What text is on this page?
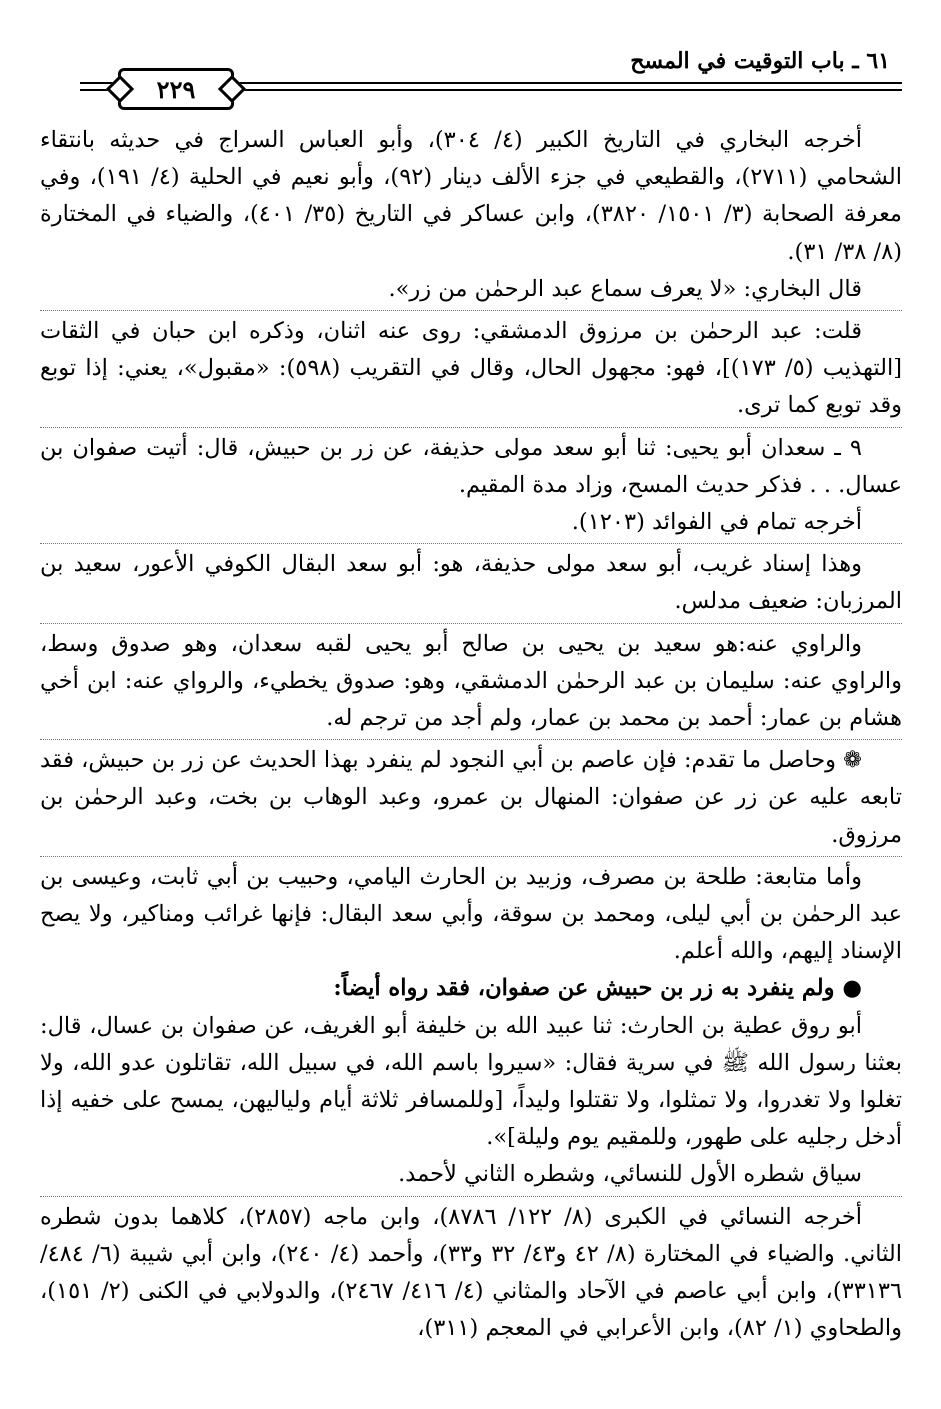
٦١ ـ باب التوقيت في المسح
٢٢٩

أخرجه البخاري في التاريخ الكبير (٤/ ٣٠٤)، وأبو العباس السراج في حديثه بانتقاء الشحامي (٢٧١١)، والقطيعي في جزء الألف دينار (٩٢)، وأبو نعيم في الحلية (٤/ ١٩١)، وفي معرفة الصحابة (٣/ ١٥٠١/ ٣٨٢٠)، وابن عساكر في التاريخ (٣٥/ ٤٠١)، والضياء في المختارة (٨/ ٣٨/ ٣١).

قال البخاري: «لا يعرف سماع عبد الرحمٰن من زر».

قلت: عبد الرحمٰن بن مرزوق الدمشقي: روى عنه اثنان، وذكره ابن حبان في الثقات [التهذيب (٥/ ١٧٣)]، فهو: مجهول الحال، وقال في التقريب (٥٩٨): «مقبول»، يعني: إذا توبع وقد توبع كما ترى.

٩ ـ سعدان أبو يحيى: ثنا أبو سعد مولى حذيفة، عن زر بن حبيش، قال: أتيت صفوان بن عسال. . . فذكر حديث المسح، وزاد مدة المقيم.

أخرجه تمام في الفوائد (١٢٠٣).

وهذا إسناد غريب، أبو سعد مولى حذيفة، هو: أبو سعد البقال الكوفي الأعور، سعيد بن المرزبان: ضعيف مدلس.

والراوي عنه:هو سعيد بن يحيى بن صالح أبو يحيى لقبه سعدان، وهو صدوق وسط، والراوي عنه: سليمان بن عبد الرحمٰن الدمشقي، وهو: صدوق يخطيء، والرواي عنه: ابن أخي هشام بن عمار: أحمد بن محمد بن عمار، ولم أجد من ترجم له.

❁ وحاصل ما تقدم: فإن عاصم بن أبي النجود لم ينفرد بهذا الحديث عن زر بن حبيش، فقد تابعه عليه عن زر عن صفوان: المنهال بن عمرو، وعبد الوهاب بن بخت، وعبد الرحمٰن بن مرزوق.

وأما متابعة: طلحة بن مصرف، وزبيد بن الحارث اليامي، وحبيب بن أبي ثابت، وعيسى بن عبد الرحمٰن بن أبي ليلى، ومحمد بن سوقة، وأبي سعد البقال: فإنها غرائب ومناكير، ولا يصح الإسناد إليهم، والله أعلم.

● ولم ينفرد به زر بن حبيش عن صفوان، فقد رواه أيضاً:

أبو روق عطية بن الحارث: ثنا عبيد الله بن خليفة أبو الغريف، عن صفوان بن عسال، قال: بعثنا رسول الله ﷺ في سرية فقال: «سيروا باسم الله، في سبيل الله، تقاتلون عدو الله، ولا تغلوا ولا تغدروا، ولا تمثلوا، ولا تقتلوا وليداً، [وللمسافر ثلاثة أيام ولياليهن، يمسح على خفيه إذا أدخل رجليه على طهور، وللمقيم يوم وليلة]».

سياق شطره الأول للنسائي، وشطره الثاني لأحمد.

أخرجه النسائي في الكبرى (٨/ ١٢٢/ ٨٧٨٦)، وابن ماجه (٢٨٥٧)، كلاهما بدون شطره الثاني. والضياء في المختارة (٨/ ٤٢ و٤٣/ ٣٢ و٣٣)، وأحمد (٤/ ٢٤٠)، وابن أبي شيبة (٦/ ٤٨٤/ ٣٣١٣٦)، وابن أبي عاصم في الآحاد والمثاني (٤/ ٤١٦/ ٢٤٦٧)، والدولابي في الكنى (٢/ ١٥١)، والطحاوي (١/ ٨٢)، وابن الأعرابي في المعجم (٣١١)،
